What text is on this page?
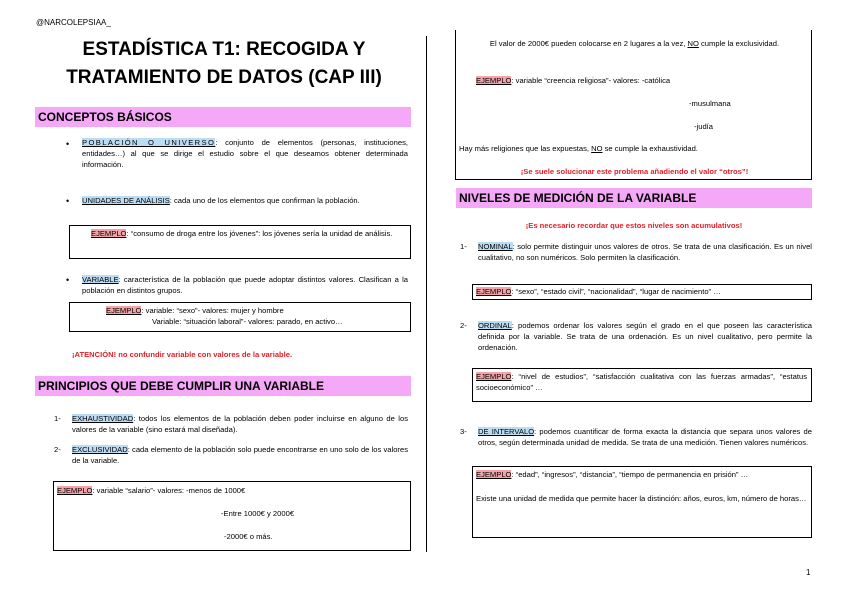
@NARCOLEPSIAA_
ESTADÍSTICA T1: RECOGIDA Y
TRATAMIENTO DE DATOS (CAP III)
CONCEPTOS BÁSICOS
• POBLACIÓN O UNIVERSO: conjunto de elementos (personas, instituciones, entidades…) al que se dirige el estudio sobre el que deseamos obtener determinada información.
• UNIDADES DE ANÁLISIS: cada uno de los elementos que confirman la población.
EJEMPLO: “consumo de droga entre los jóvenes”: los jóvenes sería la unidad de análisis.
• VARIABLE: característica de la población que puede adoptar distintos valores. Clasifican a la población en distintos grupos.
EJEMPLO: variable: “sexo”- valores: mujer y hombre
Variable: “situación laboral”- valores: parado, en activo…
¡ATENCIÓN! no confundir variable con valores de la variable.
PRINCIPIOS QUE DEBE CUMPLIR UNA VARIABLE
1- EXHAUSTIVIDAD: todos los elementos de la población deben poder incluirse en alguno de los valores de la variable (sino estará mal diseñada).
2- EXCLUSIVIDAD: cada elemento de la población solo puede encontrarse en uno solo de los valores de la variable.
EJEMPLO: variable “salario”- valores: -menos de 1000€
-Entre 1000€ y 2000€
-2000€ o más.
El valor de 2000€ pueden colocarse en 2 lugares a la vez, NO cumple la exclusividad.
EJEMPLO: variable “creencia religiosa”- valores: -católica
-musulmana
-judía
Hay más religiones que las expuestas, NO se cumple la exhaustividad.
¡Se suele solucionar este problema añadiendo el valor “otros”!
NIVELES DE MEDICIÓN DE LA VARIABLE
¡Es necesario recordar que estos niveles son acumulativos!
1- NOMINAL: solo permite distinguir unos valores de otros. Se trata de una clasificación. Es un nivel cualitativo, no son numéricos. Solo permiten la clasificación.
EJEMPLO: “sexo”, “estado civil”, “nacionalidad”, “lugar de nacimiento” …
2- ORDINAL: podemos ordenar los valores según el grado en el que poseen las característica definida por la variable. Se trata de una ordenación. Es un nivel cualitativo, pero permite la ordenación.
EJEMPLO: “nivel de estudios”, “satisfacción cualitativa con las fuerzas armadas”, “estatus socioeconómico” …
3- DE INTERVALO: podemos cuantificar de forma exacta la distancia que separa unos valores de otros, según determinada unidad de medida. Se trata de una medición. Tienen valores numéricos.
EJEMPLO: “edad”, “ingresos”, “distancia”, “tiempo de permanencia en prisión” …
Existe una unidad de medida que permite hacer la distinción: años, euros, km, número de horas…
1
